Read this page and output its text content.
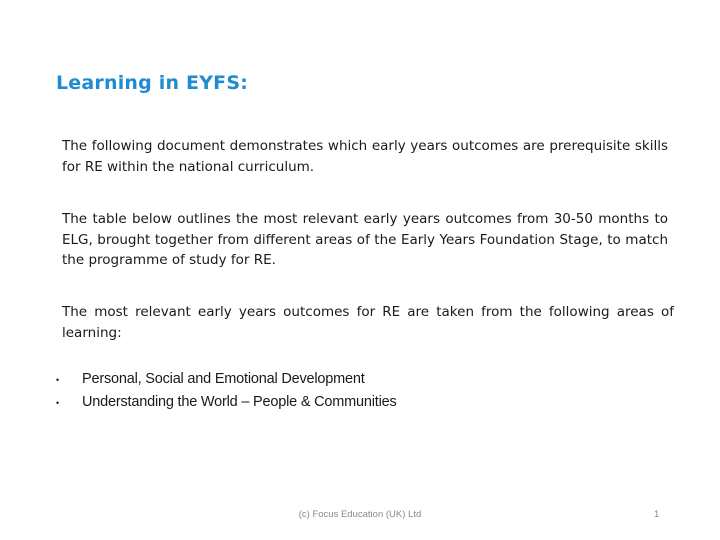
Learning in EYFS:

The following document demonstrates which early years outcomes are prerequisite skills for RE within the national curriculum.

The table below outlines the most relevant early years outcomes from 30-50 months to ELG, brought together from different areas of the Early Years Foundation Stage, to match the programme of study for RE.

The most relevant early years outcomes for RE are taken from the following areas of learning:

•	Personal, Social and Emotional Development
•	Understanding the World – People & Communities
(c) Focus Education (UK) Ltd	1
